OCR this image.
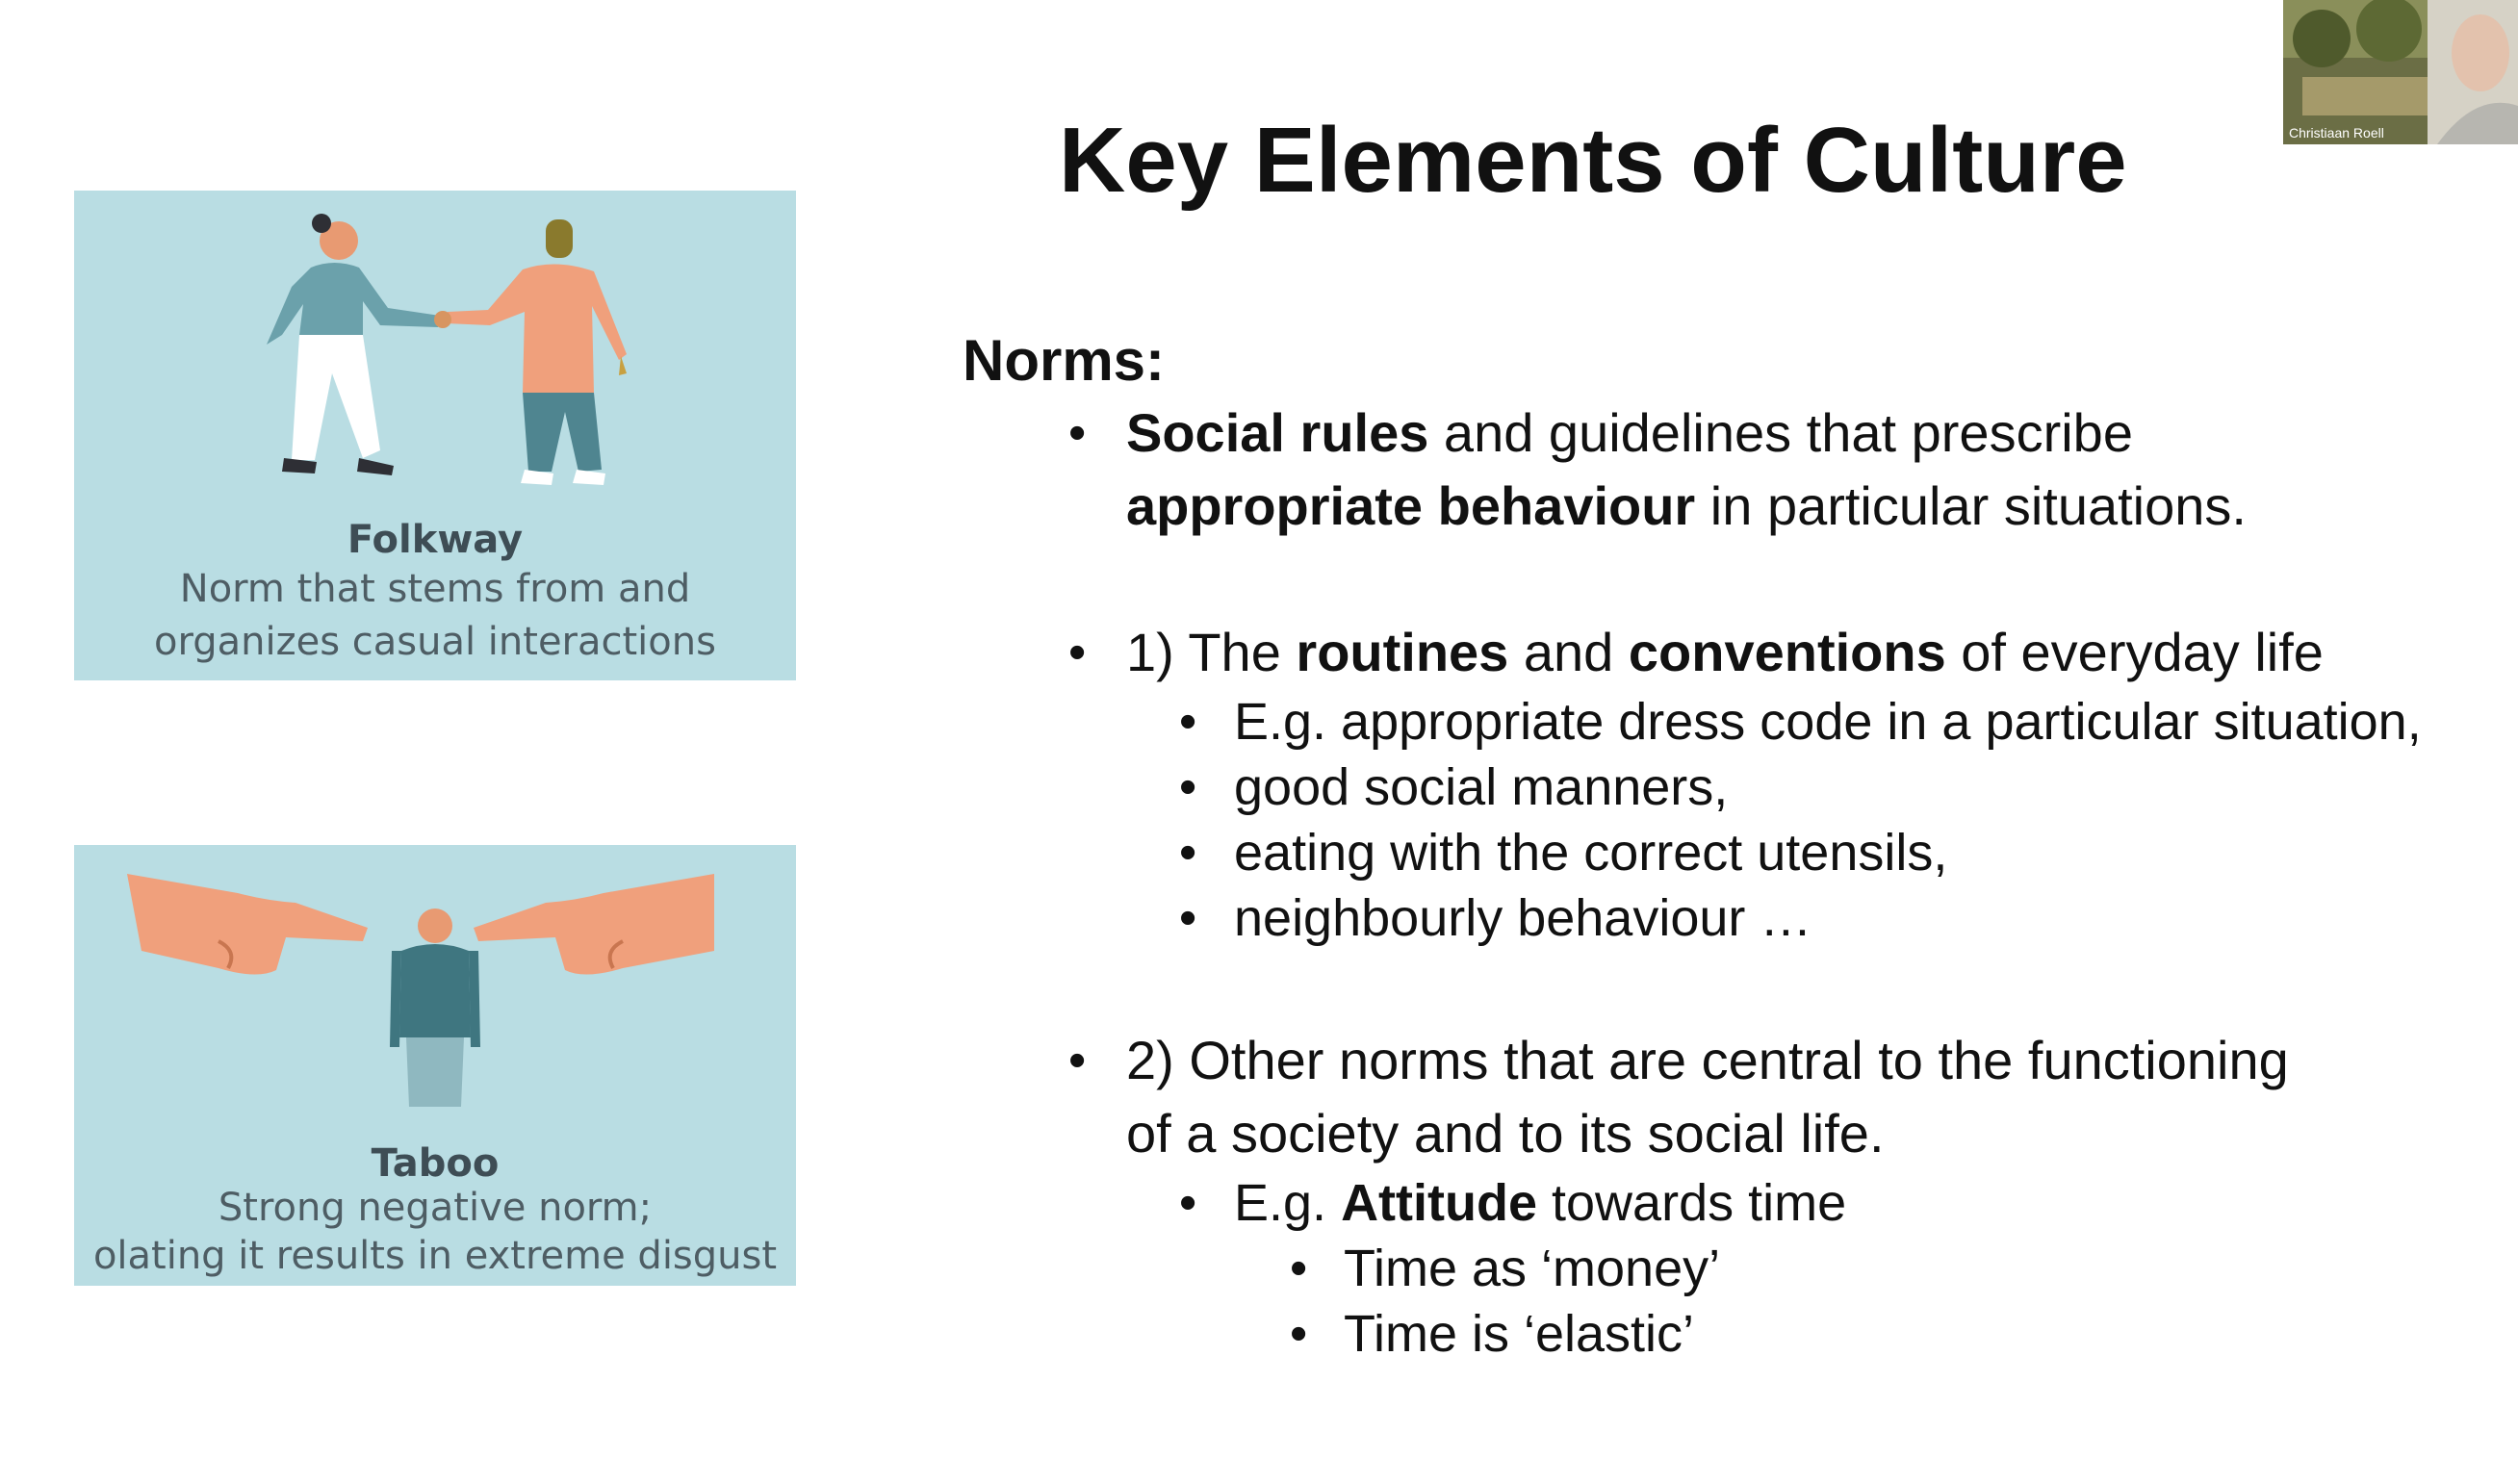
Folkway
Norm that stems from and
organizes casual interactions
Taboo
Strong negative norm;
olating it results in extreme disgust
Key Elements of Culture
Norms:
• Social rules and guidelines that prescribe
appropriate behaviour in particular situations.
• 1) The routines and conventions of everyday life
• E.g. appropriate dress code in a particular situation,
• good social manners,
• eating with the correct utensils,
• neighbourly behaviour …
• 2) Other norms that are central to the functioning
of a society and to its social life.
• E.g. Attitude towards time
• Time as ‘money’
• Time is ‘elastic’
Christiaan Roell
